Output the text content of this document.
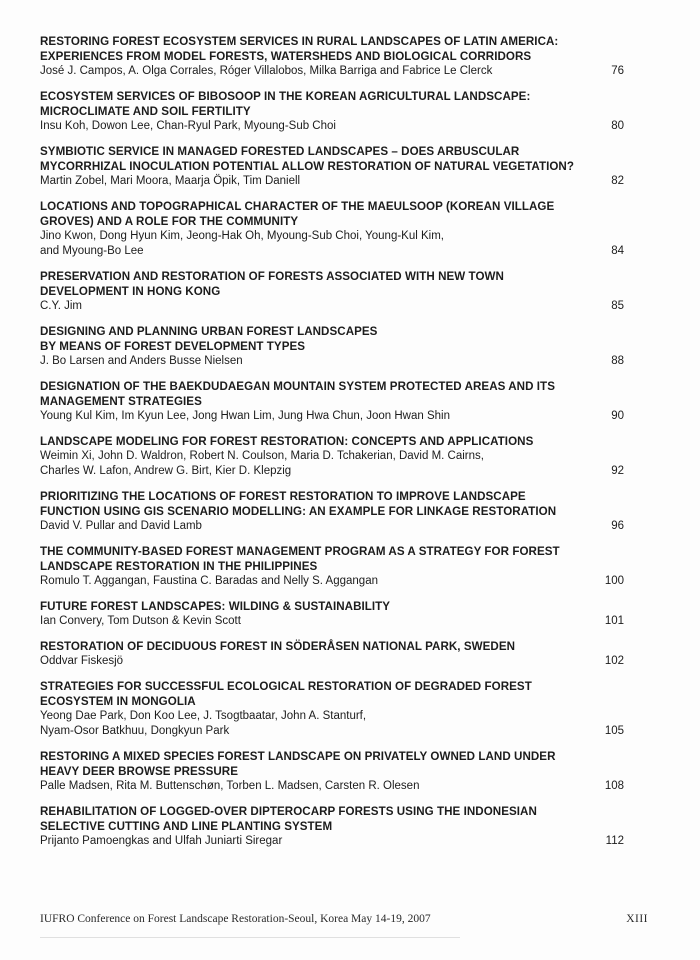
RESTORING FOREST ECOSYSTEM SERVICES IN RURAL LANDSCAPES OF LATIN AMERICA:
EXPERIENCES FROM MODEL FORESTS, WATERSHEDS AND BIOLOGICAL CORRIDORS
José J. Campos, A. Olga Corrales, Róger Villalobos, Milka Barriga and Fabrice Le Clerck	76
ECOSYSTEM SERVICES OF BIBOSOOP IN THE KOREAN AGRICULTURAL LANDSCAPE:
MICROCLIMATE AND SOIL FERTILITY
Insu Koh, Dowon Lee, Chan-Ryul Park, Myoung-Sub Choi	80
SYMBIOTIC SERVICE IN MANAGED FORESTED LANDSCAPES – DOES ARBUSCULAR
MYCORRHIZAL INOCULATION POTENTIAL ALLOW RESTORATION OF NATURAL VEGETATION?
Martin Zobel, Mari Moora, Maarja Öpik, Tim Daniell	82
LOCATIONS AND TOPOGRAPHICAL CHARACTER OF THE MAEULSOOP (KOREAN VILLAGE
GROVES) AND A ROLE FOR THE COMMUNITY
Jino Kwon, Dong Hyun Kim, Jeong-Hak Oh, Myoung-Sub Choi, Young-Kul Kim,
and Myoung-Bo Lee	84
PRESERVATION AND RESTORATION OF FORESTS ASSOCIATED WITH NEW TOWN
DEVELOPMENT IN HONG KONG
C.Y. Jim	85
DESIGNING AND PLANNING URBAN FOREST LANDSCAPES
BY MEANS OF FOREST DEVELOPMENT TYPES
J. Bo Larsen and Anders Busse Nielsen	88
DESIGNATION OF THE BAEKDUDAEGAN MOUNTAIN SYSTEM PROTECTED AREAS AND ITS
MANAGEMENT STRATEGIES
Young Kul Kim, Im Kyun Lee, Jong Hwan Lim, Jung Hwa Chun, Joon Hwan Shin	90
LANDSCAPE MODELING FOR FOREST RESTORATION: CONCEPTS AND APPLICATIONS
Weimin Xi, John D. Waldron, Robert N. Coulson, Maria D. Tchakerian, David M. Cairns,
Charles W. Lafon, Andrew G. Birt, Kier D. Klepzig	92
PRIORITIZING THE LOCATIONS OF FOREST RESTORATION TO IMPROVE LANDSCAPE
FUNCTION USING GIS SCENARIO MODELLING: AN EXAMPLE FOR LINKAGE RESTORATION
David V. Pullar and David Lamb	96
THE COMMUNITY-BASED FOREST MANAGEMENT PROGRAM AS A STRATEGY FOR FOREST
LANDSCAPE RESTORATION IN THE PHILIPPINES
Romulo T. Aggangan, Faustina C. Baradas and Nelly S. Aggangan	100
FUTURE FOREST LANDSCAPES: WILDING & SUSTAINABILITY
Ian Convery, Tom Dutson & Kevin Scott	101
RESTORATION OF DECIDUOUS FOREST IN SÖDERÅSEN NATIONAL PARK, SWEDEN
Oddvar Fiskesjö	102
STRATEGIES FOR SUCCESSFUL ECOLOGICAL RESTORATION OF DEGRADED FOREST
ECOSYSTEM IN MONGOLIA
Yeong Dae Park, Don Koo Lee, J. Tsogtbaatar, John A. Stanturf,
Nyam-Osor Batkhuu, Dongkyun Park	105
RESTORING A MIXED SPECIES FOREST LANDSCAPE ON PRIVATELY OWNED LAND UNDER
HEAVY DEER BROWSE PRESSURE
Palle Madsen, Rita M. Buttenschøn, Torben L. Madsen, Carsten R. Olesen	108
REHABILITATION OF LOGGED-OVER DIPTEROCARP FORESTS USING THE INDONESIAN
SELECTIVE CUTTING AND LINE PLANTING SYSTEM
Prijanto Pamoengkas and Ulfah Juniarti Siregar	112
IUFRO Conference on Forest Landscape Restoration-Seoul, Korea May 14-19, 2007	XIII
